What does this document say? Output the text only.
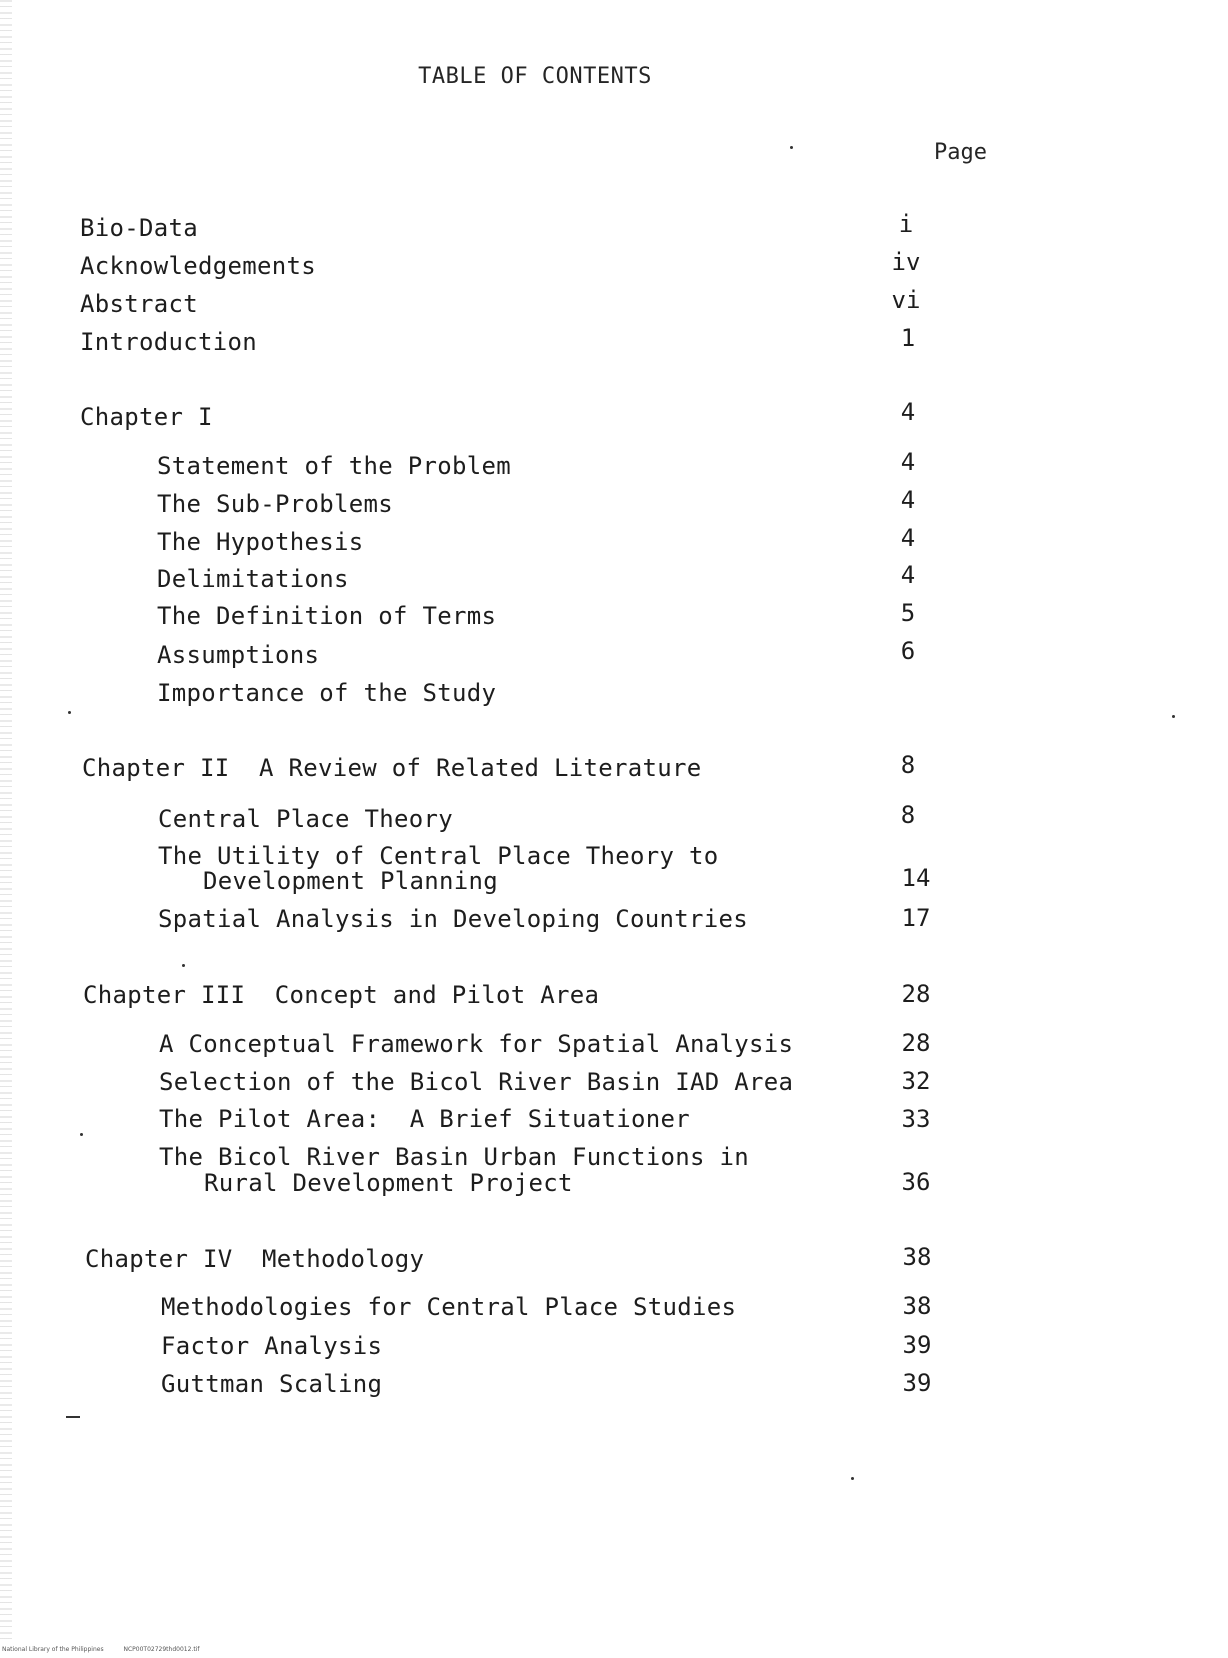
TABLE OF CONTENTS
Page
Bio-Data	i
Acknowledgements	iv
Abstract	vi
Introduction	1
Chapter I	4
Statement of the Problem	4
The Sub-Problems	4
The Hypothesis	4
Delimitations	4
The Definition of Terms	5
Assumptions	6
Importance of the Study
Chapter II  A Review of Related Literature	8
Central Place Theory	8
The Utility of Central Place Theory to
Development Planning	14
Spatial Analysis in Developing Countries	17
Chapter III  Concept and Pilot Area	28
A Conceptual Framework for Spatial Analysis	28
Selection of the Bicol River Basin IAD Area	32
The Pilot Area:  A Brief Situationer	33
The Bicol River Basin Urban Functions in
Rural Development Project	36
Chapter IV  Methodology	38
Methodologies for Central Place Studies	38
Factor Analysis	39
Guttman Scaling	39
National Library of the Philippines	NCP00T02729thd0012.tif
